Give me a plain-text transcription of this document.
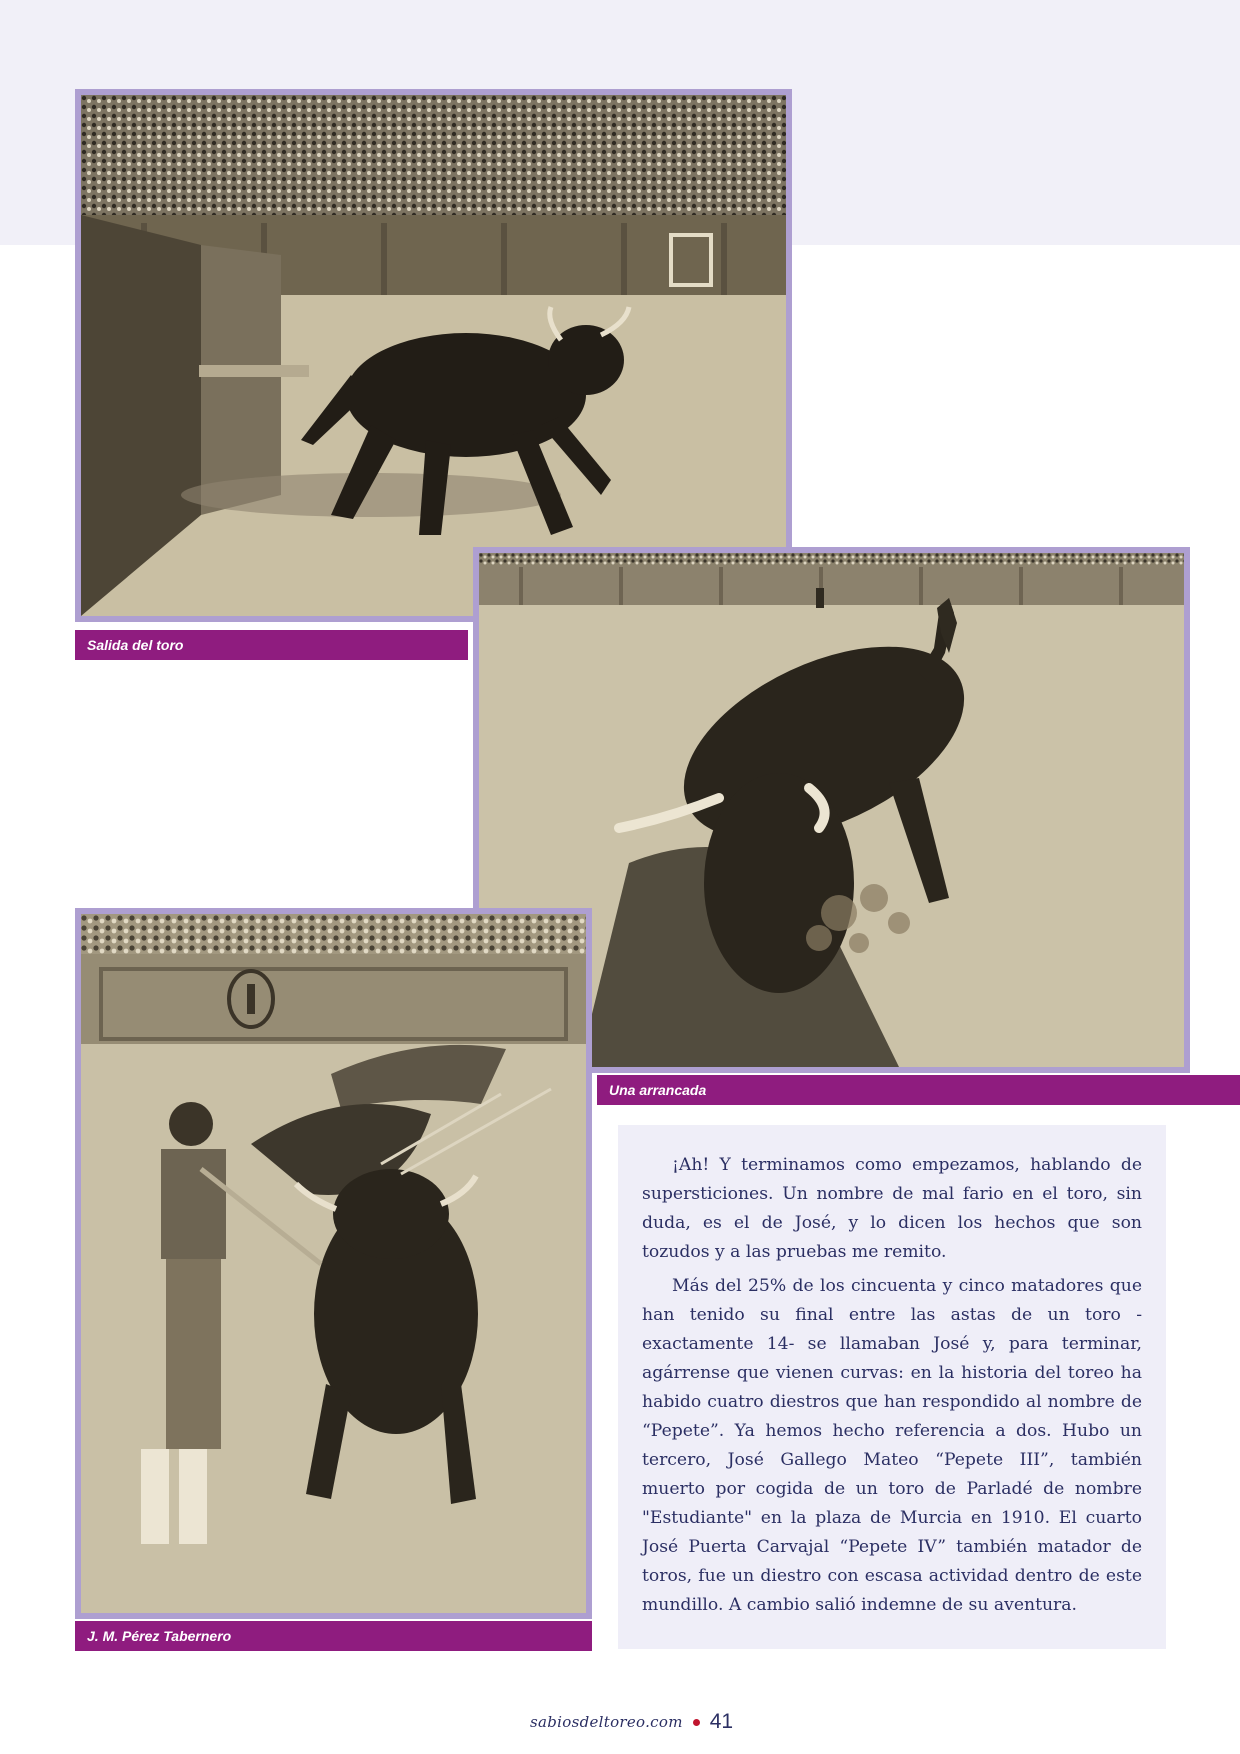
Salida del toro
Una arrancada
J. M. Pérez Tabernero

¡Ah! Y terminamos como empezamos, hablando de supersticiones. Un nombre de mal fario en el toro, sin duda, es el de José, y lo dicen los hechos que son tozudos y a las pruebas me remito.

Más del 25% de los cincuenta y cinco matadores que han tenido su final entre las astas de un toro -exactamente 14- se llamaban José y, para terminar, agárrense que vienen curvas: en la historia del toreo ha habido cuatro diestros que han respondido al nombre de “Pepete”. Ya hemos hecho referencia a dos. Hubo un tercero, José Gallego Mateo “Pepete III”, también muerto por cogida de un toro de Parladé de nombre "Estudiante" en la plaza de Murcia en 1910. El cuarto José Puerta Carvajal “Pepete IV” también matador de toros, fue un diestro con escasa actividad dentro de este mundillo. A cambio salió indemne de su aventura.

sabiosdeltoreo.com 41
